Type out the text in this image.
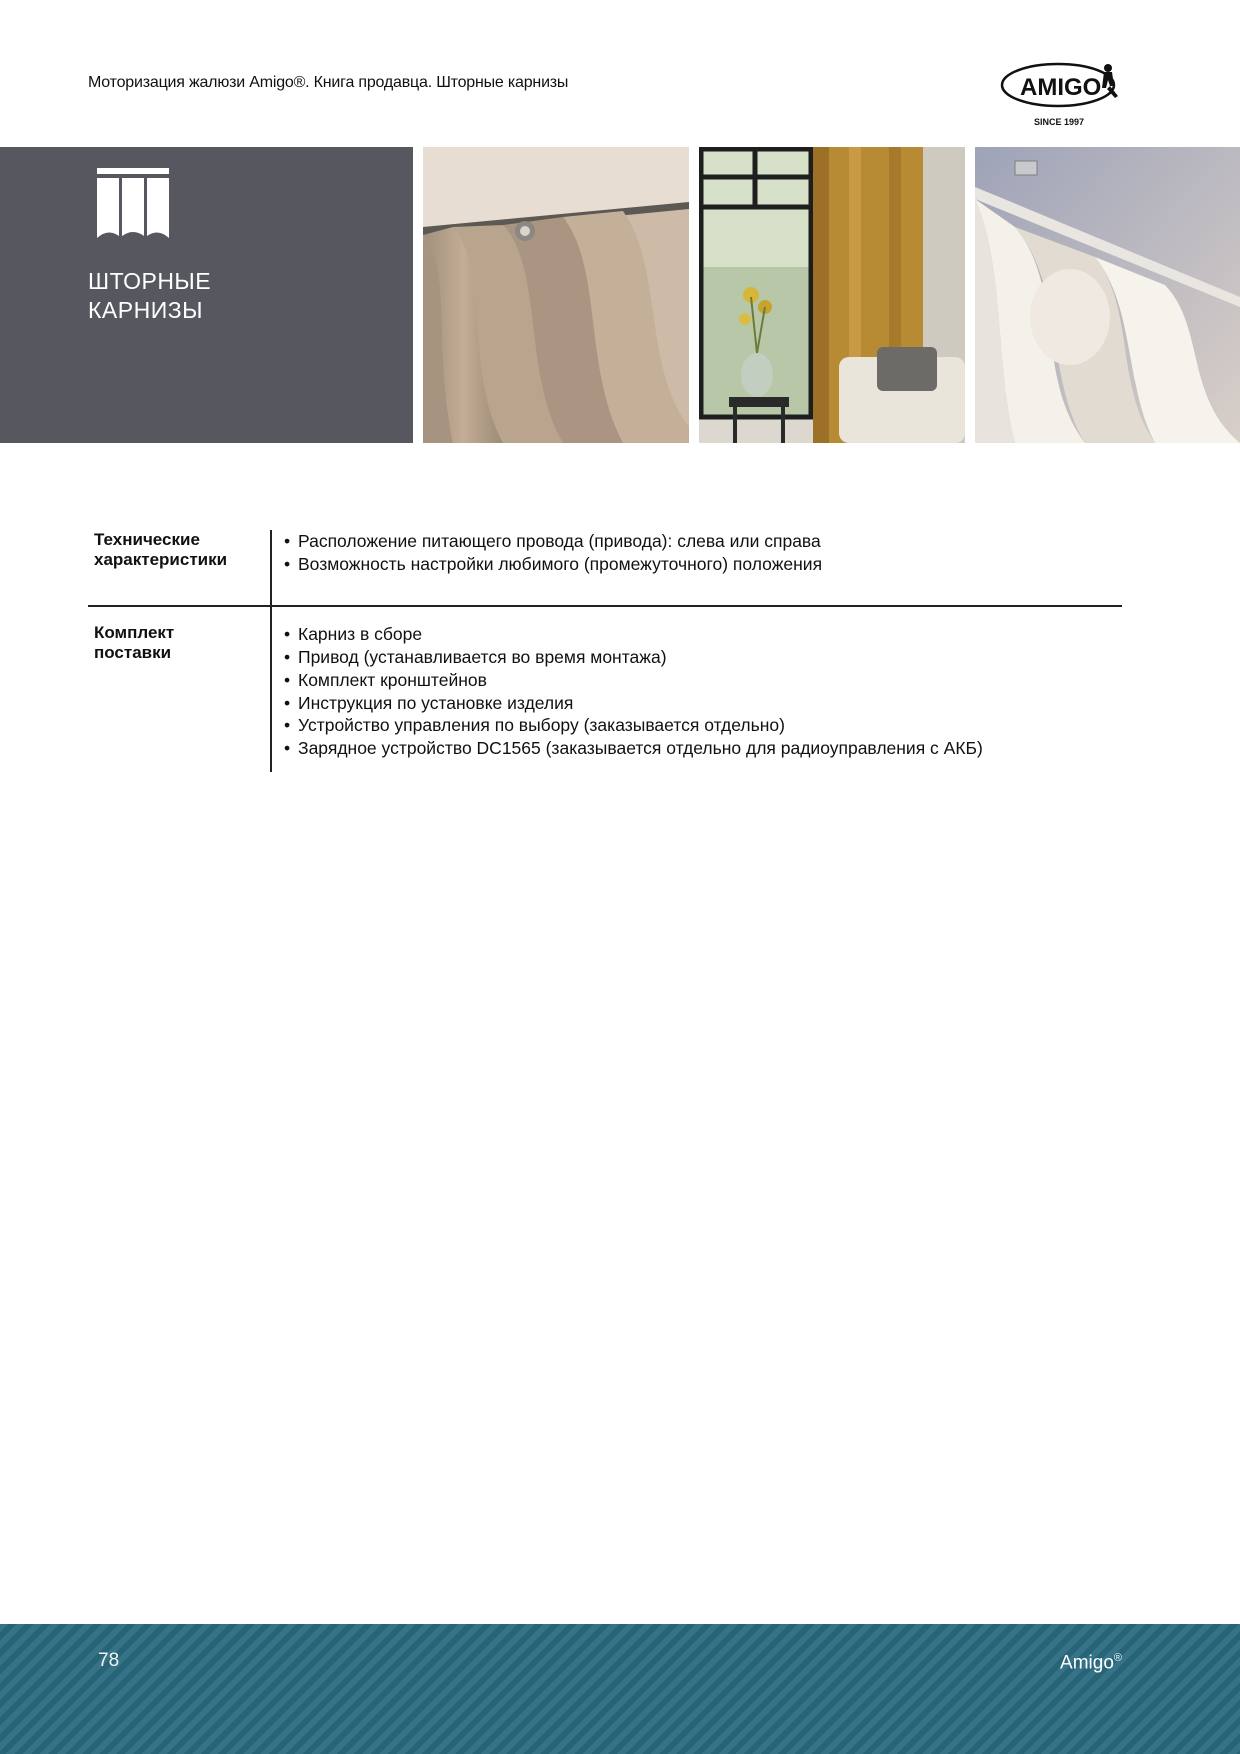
Моторизация жалюзи Amigo®. Книга продавца. Шторные карнизы	AMIGO
SINCE 1997
ШТОРНЫЕ
КАРНИЗЫ
Технические
характеристики
• Расположение питающего провода (привода): слева или справа
• Возможность настройки любимого (промежуточного) положения
Комплект
поставки
• Карниз в сборе
• Привод (устанавливается во время монтажа)
• Комплект кронштейнов
• Инструкция по установке изделия
• Устройство управления по выбору (заказывается отдельно)
• Зарядное устройство DC1565 (заказывается отдельно для радиоуправления с АКБ)
78	Amigo®
